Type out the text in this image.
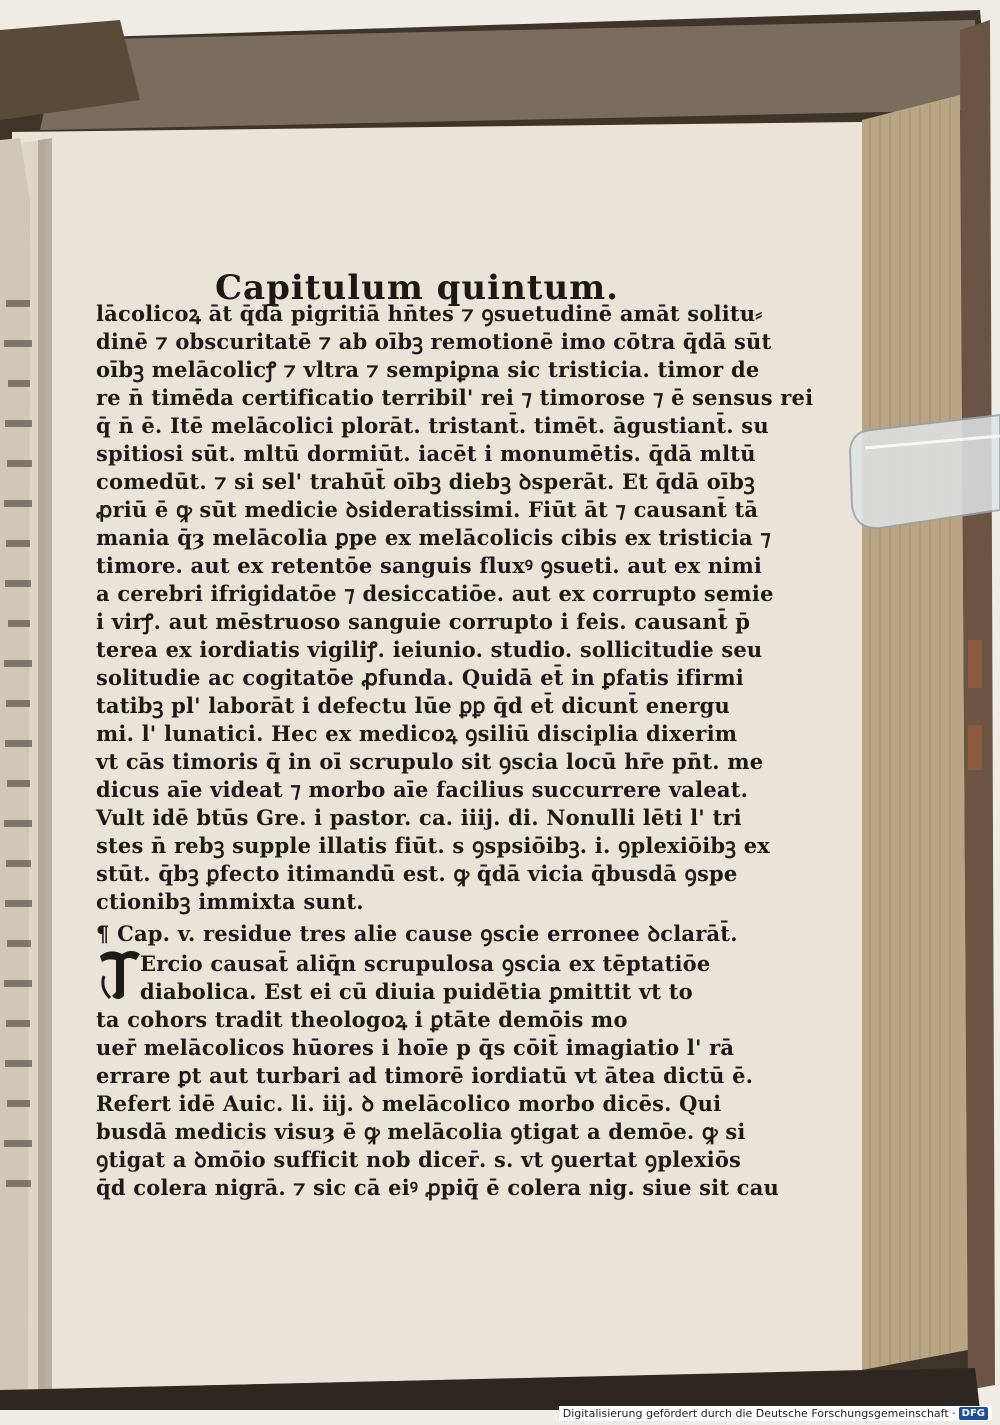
Capitulum quintum.
lācolicoꝝ āt q̄dā pigritiā hn̄tes ⁊ ꝯsuetudinē amāt solitu⸗
dinē ⁊ obscuritatē ⁊ ab oībꝫ remotionē imo cōtra q̄dā sūt
oībꝫ melācolicꝭ ⁊ vltra ⁊ sempiꝑna sic tristicia. timor de
re n̄ timēda certificatio terribil' rei ⁊ timorose ⁊ ē sensus rei
q̄ n̄ ē. Itē melācolici plorāt. tristant̄. timēt. āgustiant̄. su
spitiosi sūt. mltū dormiūt. iacēt i monumētis. q̄dā mltū
comedūt. ⁊ si sel' trahūt̄ oībꝫ diebꝫ ꝺsperāt. Et q̄dā oībꝫ
ꝓriū ē ꝙ sūt medicie ꝺsideratissimi. Fiūt āt ⁊ causant̄ tā
mania q̄ȝ melācolia ꝑpe ex melācolicis cibis ex tristicia ⁊
timore. aut ex retentōe sanguis fluxꝰ ꝯsueti. aut ex nimi
a cerebri ifrigidatōe ⁊ desiccatiōe. aut ex corrupto semie
i virꝭ. aut mēstruoso sanguie corrupto i feis. causant̄ p̄
terea ex iordiatis vigiliꝭ. ieiunio. studio. sollicitudie seu
solitudie ac cogitatōe ꝓfunda. Quidā et̄ in ꝑfatis ifirmi
tatibꝫ pl' laborāt i defectu lūe ꝑꝑ q̄d et̄ dicunt̄ energu
mi. l' lunatici. Hec ex medicoꝝ ꝯsiliū disciplia dixerim
vt cās timoris q̄ in oī scrupulo sit ꝯscia locū hr̄e pn̄t. me
dicus aīe videat ⁊ morbo aīe facilius succurrere valeat.
Vult idē btūs Gre. i pastor. ca. iiij. di. Nonulli lēti l' tri
stes n̄ rebꝫ supple illatis fiūt. s ꝯspsiōibꝫ. i. ꝯplexiōibꝫ ex
stūt. q̄bꝫ ꝑfecto itimandū est. ꝙ q̄dā vicia q̄busdā ꝯspe
ctionibꝫ immixta sunt.
¶ Cap. v. residue tres alie cause ꝯscie erronee ꝺclarāt̄.
Ercio causat̄ aliq̄n scrupulosa ꝯscia ex tēptatiōe
diabolica. Est ei cū diuia puidētia ꝑmittit vt to
ta cohors tradit theologoꝝ i ꝑtāte demōis mo
uer̄ melācolicos hūores i hoīe p q̄s cōit̄ imagiatio l' rā
errare ꝑt aut turbari ad timorē iordiatū vt ātea dictū ē.
Refert idē Auic. li. iij. ꝺ melācolico morbo dicēs. Qui
busdā medicis visuȝ ē ꝙ melācolia ꝯtigat a demōe. ꝙ si
ꝯtigat a ꝺmōio sufficit nob dicer̄. s. vt ꝯuertat ꝯplexiōs
q̄d colera nigrā. ⁊ sic cā eiꝰ ꝓpiq̄ ē colera nig. siue sit cau
Digitalisierung gefördert durch die Deutsche Forschungsgemeinschaft · DFG
